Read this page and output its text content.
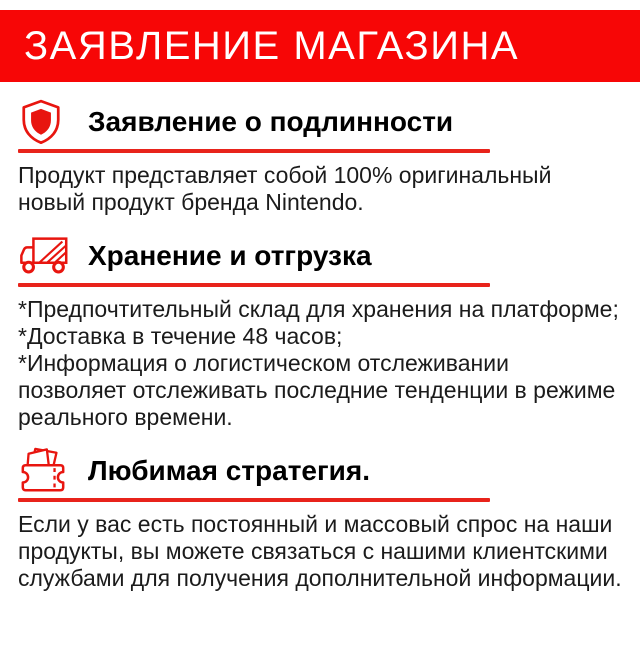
ЗАЯВЛЕНИЕ МАГАЗИНА
Заявление о подлинности

Продукт представляет собой 100% оригинальный новый продукт бренда Nintendo.

Хранение и отгрузка

*Предпочтительный склад для хранения на платформе;

*Доставка в течение 48 часов;

*Информация о логистическом отслеживании позволяет отслеживать последние тенденции в режиме реального времени.

Любимая стратегия.

Если у вас есть постоянный и массовый спрос на наши продукты, вы можете связаться с нашими клиентскими службами для получения дополнительной информации.
